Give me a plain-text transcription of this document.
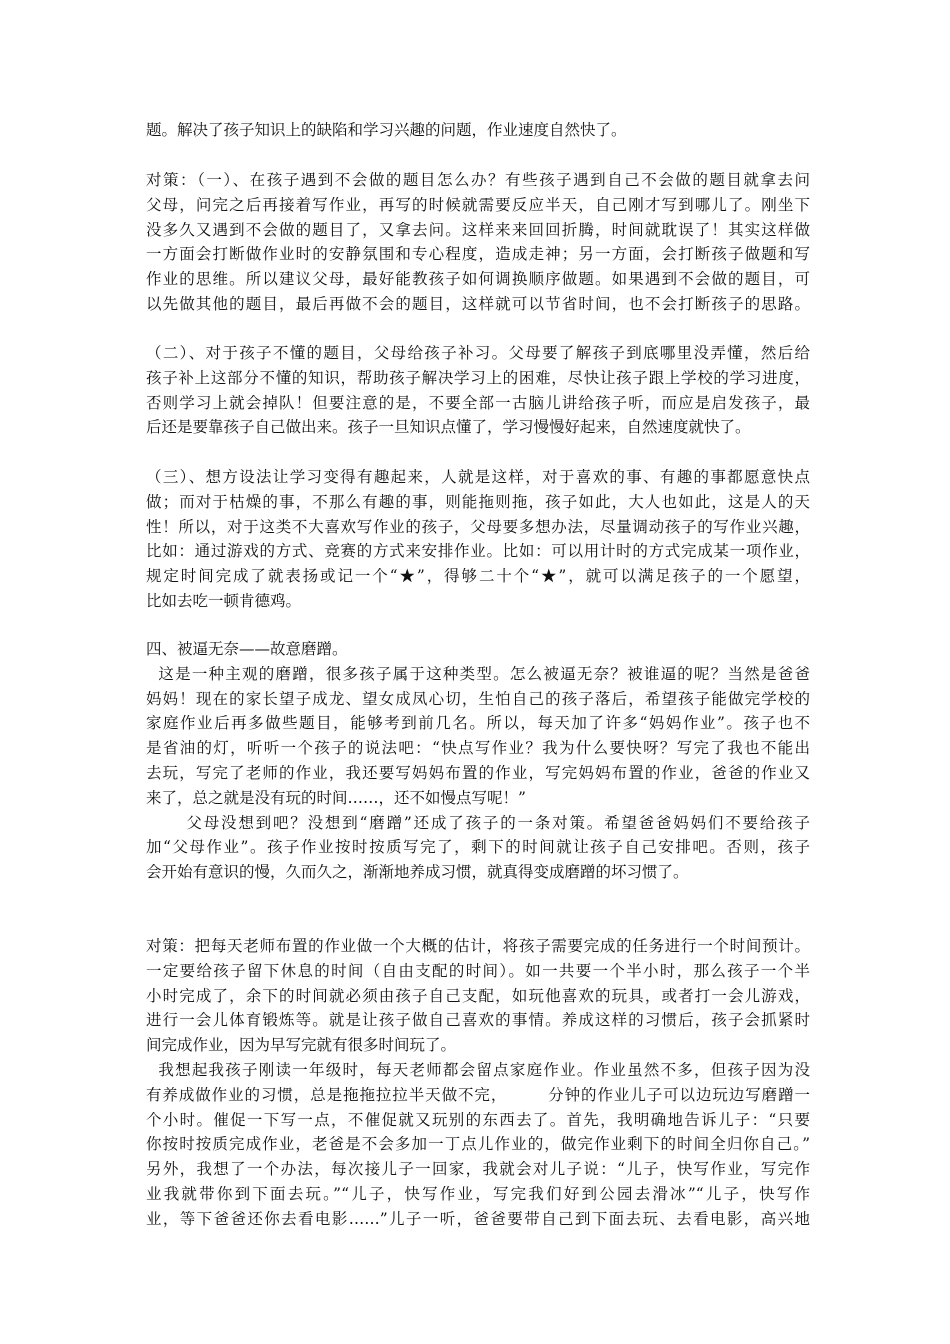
题。解决了孩子知识上的缺陷和学习兴趣的问题，作业速度自然快了。
对策：（一）、在孩子遇到不会做的题目怎么办？有些孩子遇到自己不会做的题目就拿去问
父母，问完之后再接着写作业，再写的时候就需要反应半天，自己刚才写到哪儿了。刚坐下
没多久又遇到不会做的题目了，又拿去问。这样来来回回折腾，时间就耽误了！其实这样做
一方面会打断做作业时的安静氛围和专心程度，造成走神；另一方面，会打断孩子做题和写
作业的思维。所以建议父母，最好能教孩子如何调换顺序做题。如果遇到不会做的题目，可
以先做其他的题目，最后再做不会的题目，这样就可以节省时间，也不会打断孩子的思路。
（二）、对于孩子不懂的题目，父母给孩子补习。父母要了解孩子到底哪里没弄懂，然后给
孩子补上这部分不懂的知识，帮助孩子解决学习上的困难，尽快让孩子跟上学校的学习进度，
否则学习上就会掉队！但要注意的是，不要全部一古脑儿讲给孩子听，而应是启发孩子，最
后还是要靠孩子自己做出来。孩子一旦知识点懂了，学习慢慢好起来，自然速度就快了。
（三）、想方设法让学习变得有趣起来，人就是这样，对于喜欢的事、有趣的事都愿意快点
做；而对于枯燥的事，不那么有趣的事，则能拖则拖，孩子如此，大人也如此，这是人的天
性！所以，对于这类不大喜欢写作业的孩子，父母要多想办法，尽量调动孩子的写作业兴趣，
比如：通过游戏的方式、竞赛的方式来安排作业。比如：可以用计时的方式完成某一项作业，
规定时间完成了就表扬或记一个“★”，得够二十个“★”，就可以满足孩子的一个愿望，
比如去吃一顿肯德鸡。
四、被逼无奈——故意磨蹭。
这是一种主观的磨蹭，很多孩子属于这种类型。怎么被逼无奈？被谁逼的呢？当然是爸爸
妈妈！现在的家长望子成龙、望女成凤心切，生怕自己的孩子落后，希望孩子能做完学校的
家庭作业后再多做些题目，能够考到前几名。所以，每天加了许多“妈妈作业”。孩子也不
是省油的灯，听听一个孩子的说法吧：“快点写作业？我为什么要快呀？写完了我也不能出
去玩，写完了老师的作业，我还要写妈妈布置的作业，写完妈妈布置的作业，爸爸的作业又
来了，总之就是没有玩的时间……，还不如慢点写呢！”
父母没想到吧？没想到“磨蹭”还成了孩子的一条对策。希望爸爸妈妈们不要给孩子
加“父母作业”。孩子作业按时按质写完了，剩下的时间就让孩子自己安排吧。否则，孩子
会开始有意识的慢，久而久之，渐渐地养成习惯，就真得变成磨蹭的坏习惯了。
对策：把每天老师布置的作业做一个大概的估计，将孩子需要完成的任务进行一个时间预计。
一定要给孩子留下休息的时间（自由支配的时间）。如一共要一个半小时，那么孩子一个半
小时完成了，余下的时间就必须由孩子自己支配，如玩他喜欢的玩具，或者打一会儿游戏，
进行一会儿体育锻炼等。就是让孩子做自己喜欢的事情。养成这样的习惯后，孩子会抓紧时
间完成作业，因为早写完就有很多时间玩了。
我想起我孩子刚读一年级时，每天老师都会留点家庭作业。作业虽然不多，但孩子因为没
有养成做作业的习惯，总是拖拖拉拉半天做不完，       分钟的作业儿子可以边玩边写磨蹭一
个小时。催促一下写一点，不催促就又玩别的东西去了。首先，我明确地告诉儿子：“只要
你按时按质完成作业，老爸是不会多加一丁点儿作业的，做完作业剩下的时间全归你自己。”
另外，我想了一个办法，每次接儿子一回家，我就会对儿子说：“儿子，快写作业，写完作
业我就带你到下面去玩。”“儿子，快写作业，写完我们好到公园去滑冰”“儿子，快写作
业，等下爸爸还你去看电影……”儿子一听，爸爸要带自己到下面去玩、去看电影，高兴地
